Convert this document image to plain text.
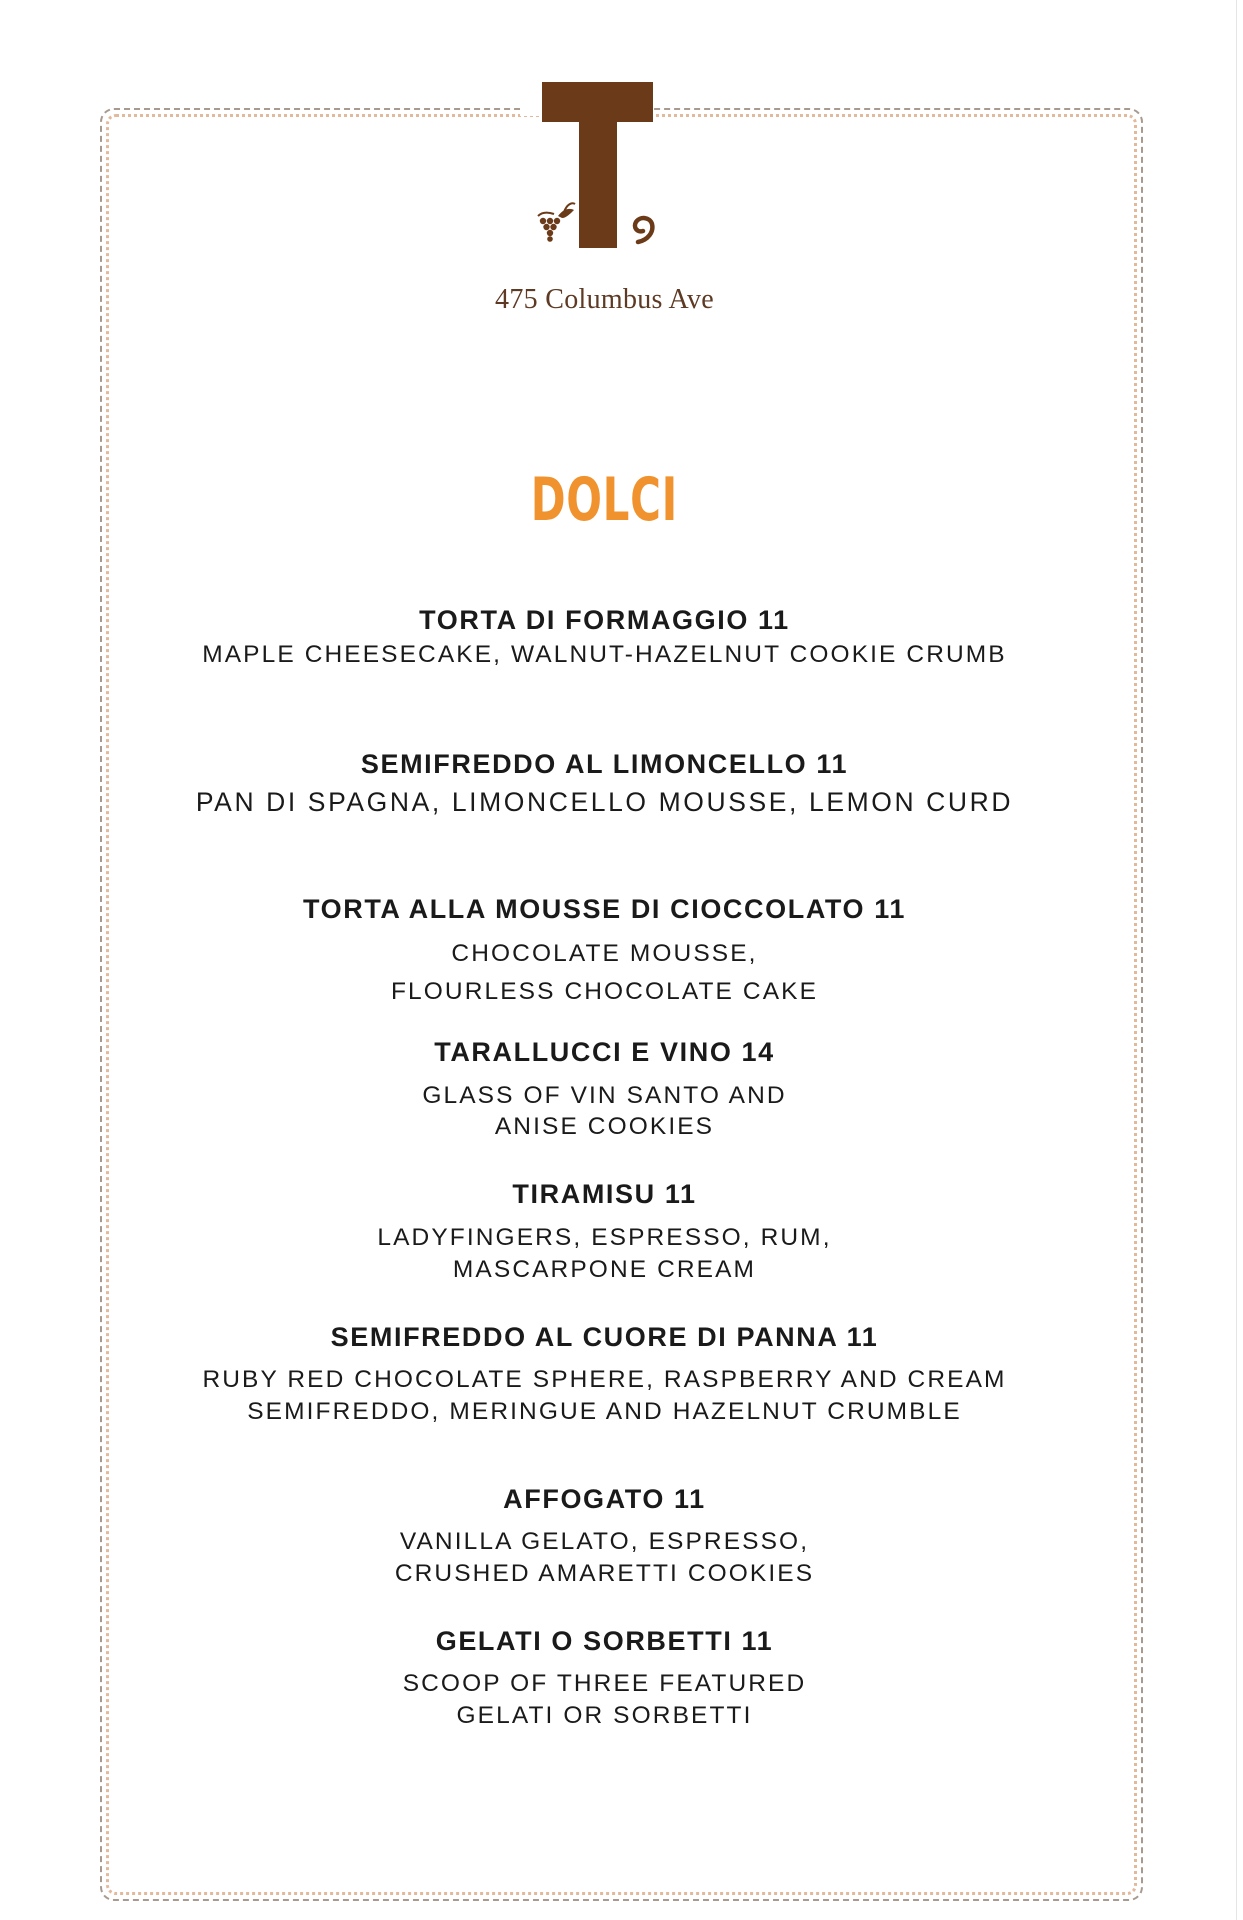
475 Columbus Ave
DOLCI
TORTA DI FORMAGGIO 11
MAPLE CHEESECAKE, WALNUT-HAZELNUT COOKIE CRUMB
SEMIFREDDO AL LIMONCELLO 11
PAN DI SPAGNA, LIMONCELLO MOUSSE, LEMON CURD
TORTA ALLA MOUSSE DI CIOCCOLATO 11
CHOCOLATE MOUSSE,
FLOURLESS CHOCOLATE CAKE
TARALLUCCI E VINO 14
GLASS OF VIN SANTO AND
ANISE COOKIES
TIRAMISU 11
LADYFINGERS, ESPRESSO, RUM,
MASCARPONE CREAM
SEMIFREDDO AL CUORE DI PANNA 11
RUBY RED CHOCOLATE SPHERE, RASPBERRY AND CREAM
SEMIFREDDO, MERINGUE AND HAZELNUT CRUMBLE
AFFOGATO 11
VANILLA GELATO, ESPRESSO,
CRUSHED AMARETTI COOKIES
GELATI O SORBETTI 11
SCOOP OF THREE FEATURED
GELATI OR SORBETTI
